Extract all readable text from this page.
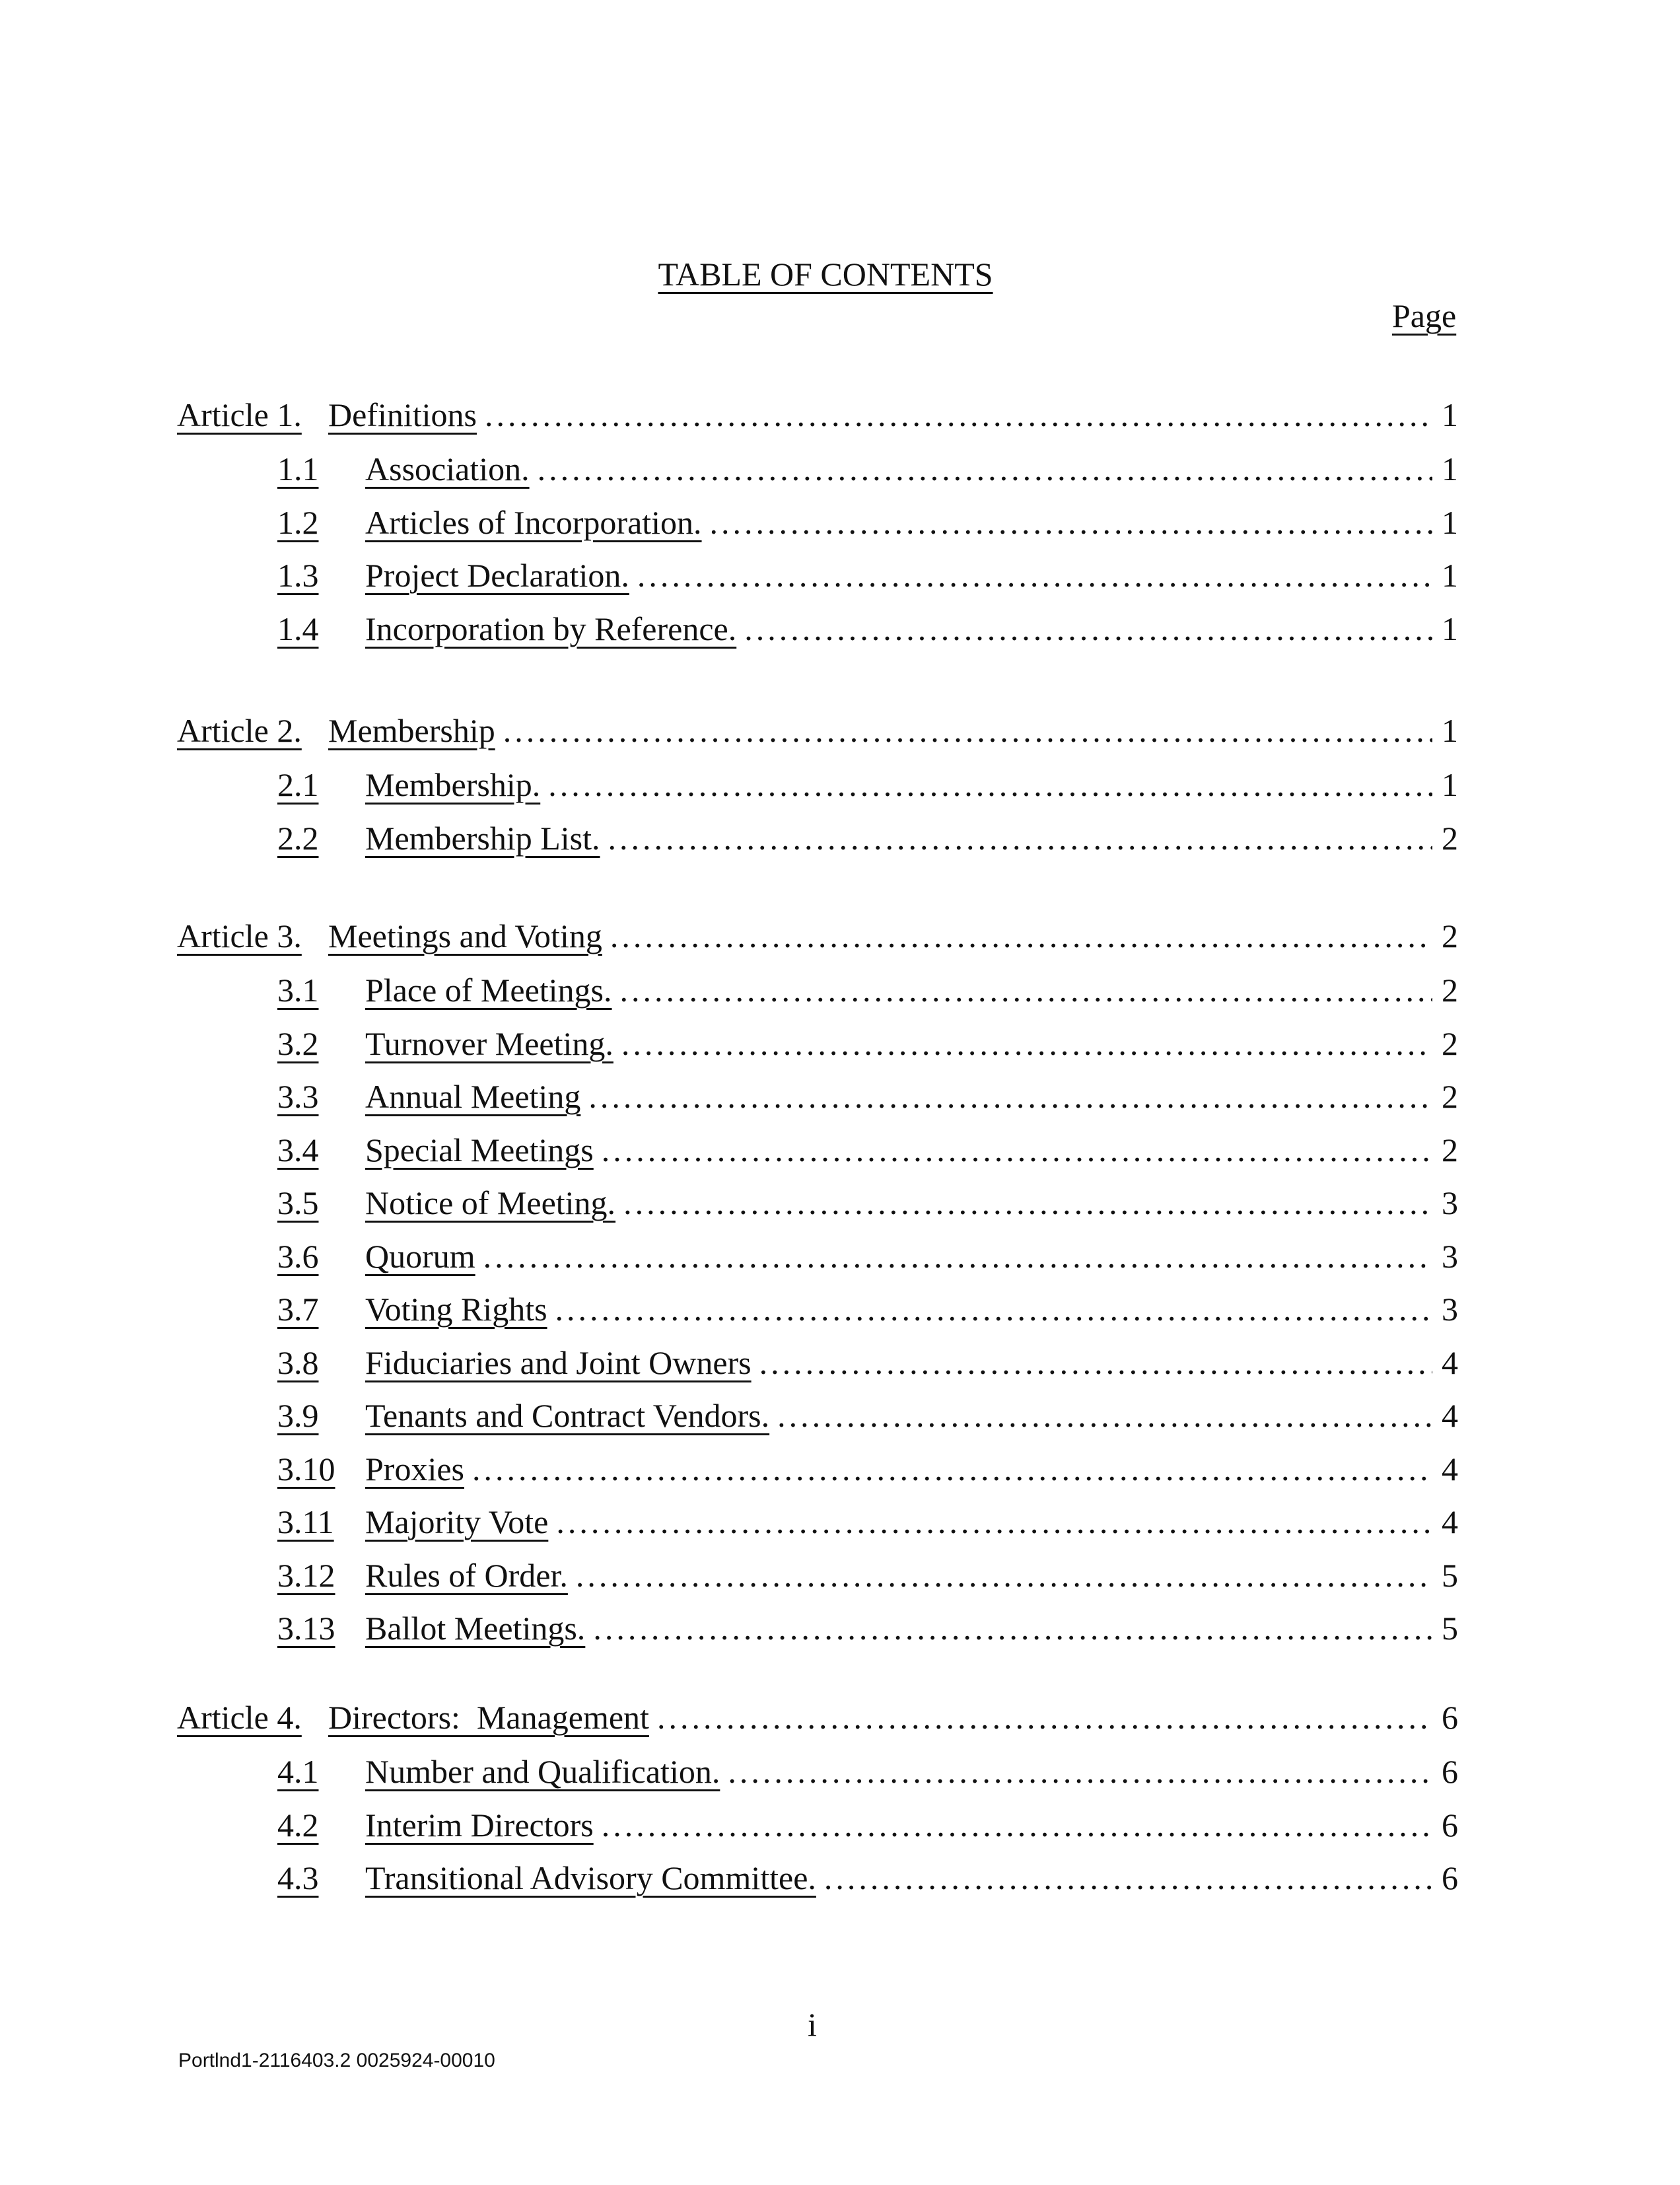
TABLE OF CONTENTS
Page
Article 1. Definitions .....	1
1.1 Association. .....	1
1.2 Articles of Incorporation. .....	1
1.3 Project Declaration. .....	1
1.4 Incorporation by Reference. .....	1
Article 2. Membership .....	1
2.1 Membership. .....	1
2.2 Membership List. .....	2
Article 3. Meetings and Voting .....	2
3.1 Place of Meetings. .....	2
3.2 Turnover Meeting. .....	2
3.3 Annual Meeting .....	2
3.4 Special Meetings .....	2
3.5 Notice of Meeting. .....	3
3.6 Quorum .....	3
3.7 Voting Rights .....	3
3.8 Fiduciaries and Joint Owners .....	4
3.9 Tenants and Contract Vendors. .....	4
3.10 Proxies .....	4
3.11 Majority Vote .....	4
3.12 Rules of Order. .....	5
3.13 Ballot Meetings. .....	5
Article 4. Directors:  Management .....	6
4.1 Number and Qualification. .....	6
4.2 Interim Directors .....	6
4.3 Transitional Advisory Committee. .....	6
i
Portlnd1-2116403.2 0025924-00010
